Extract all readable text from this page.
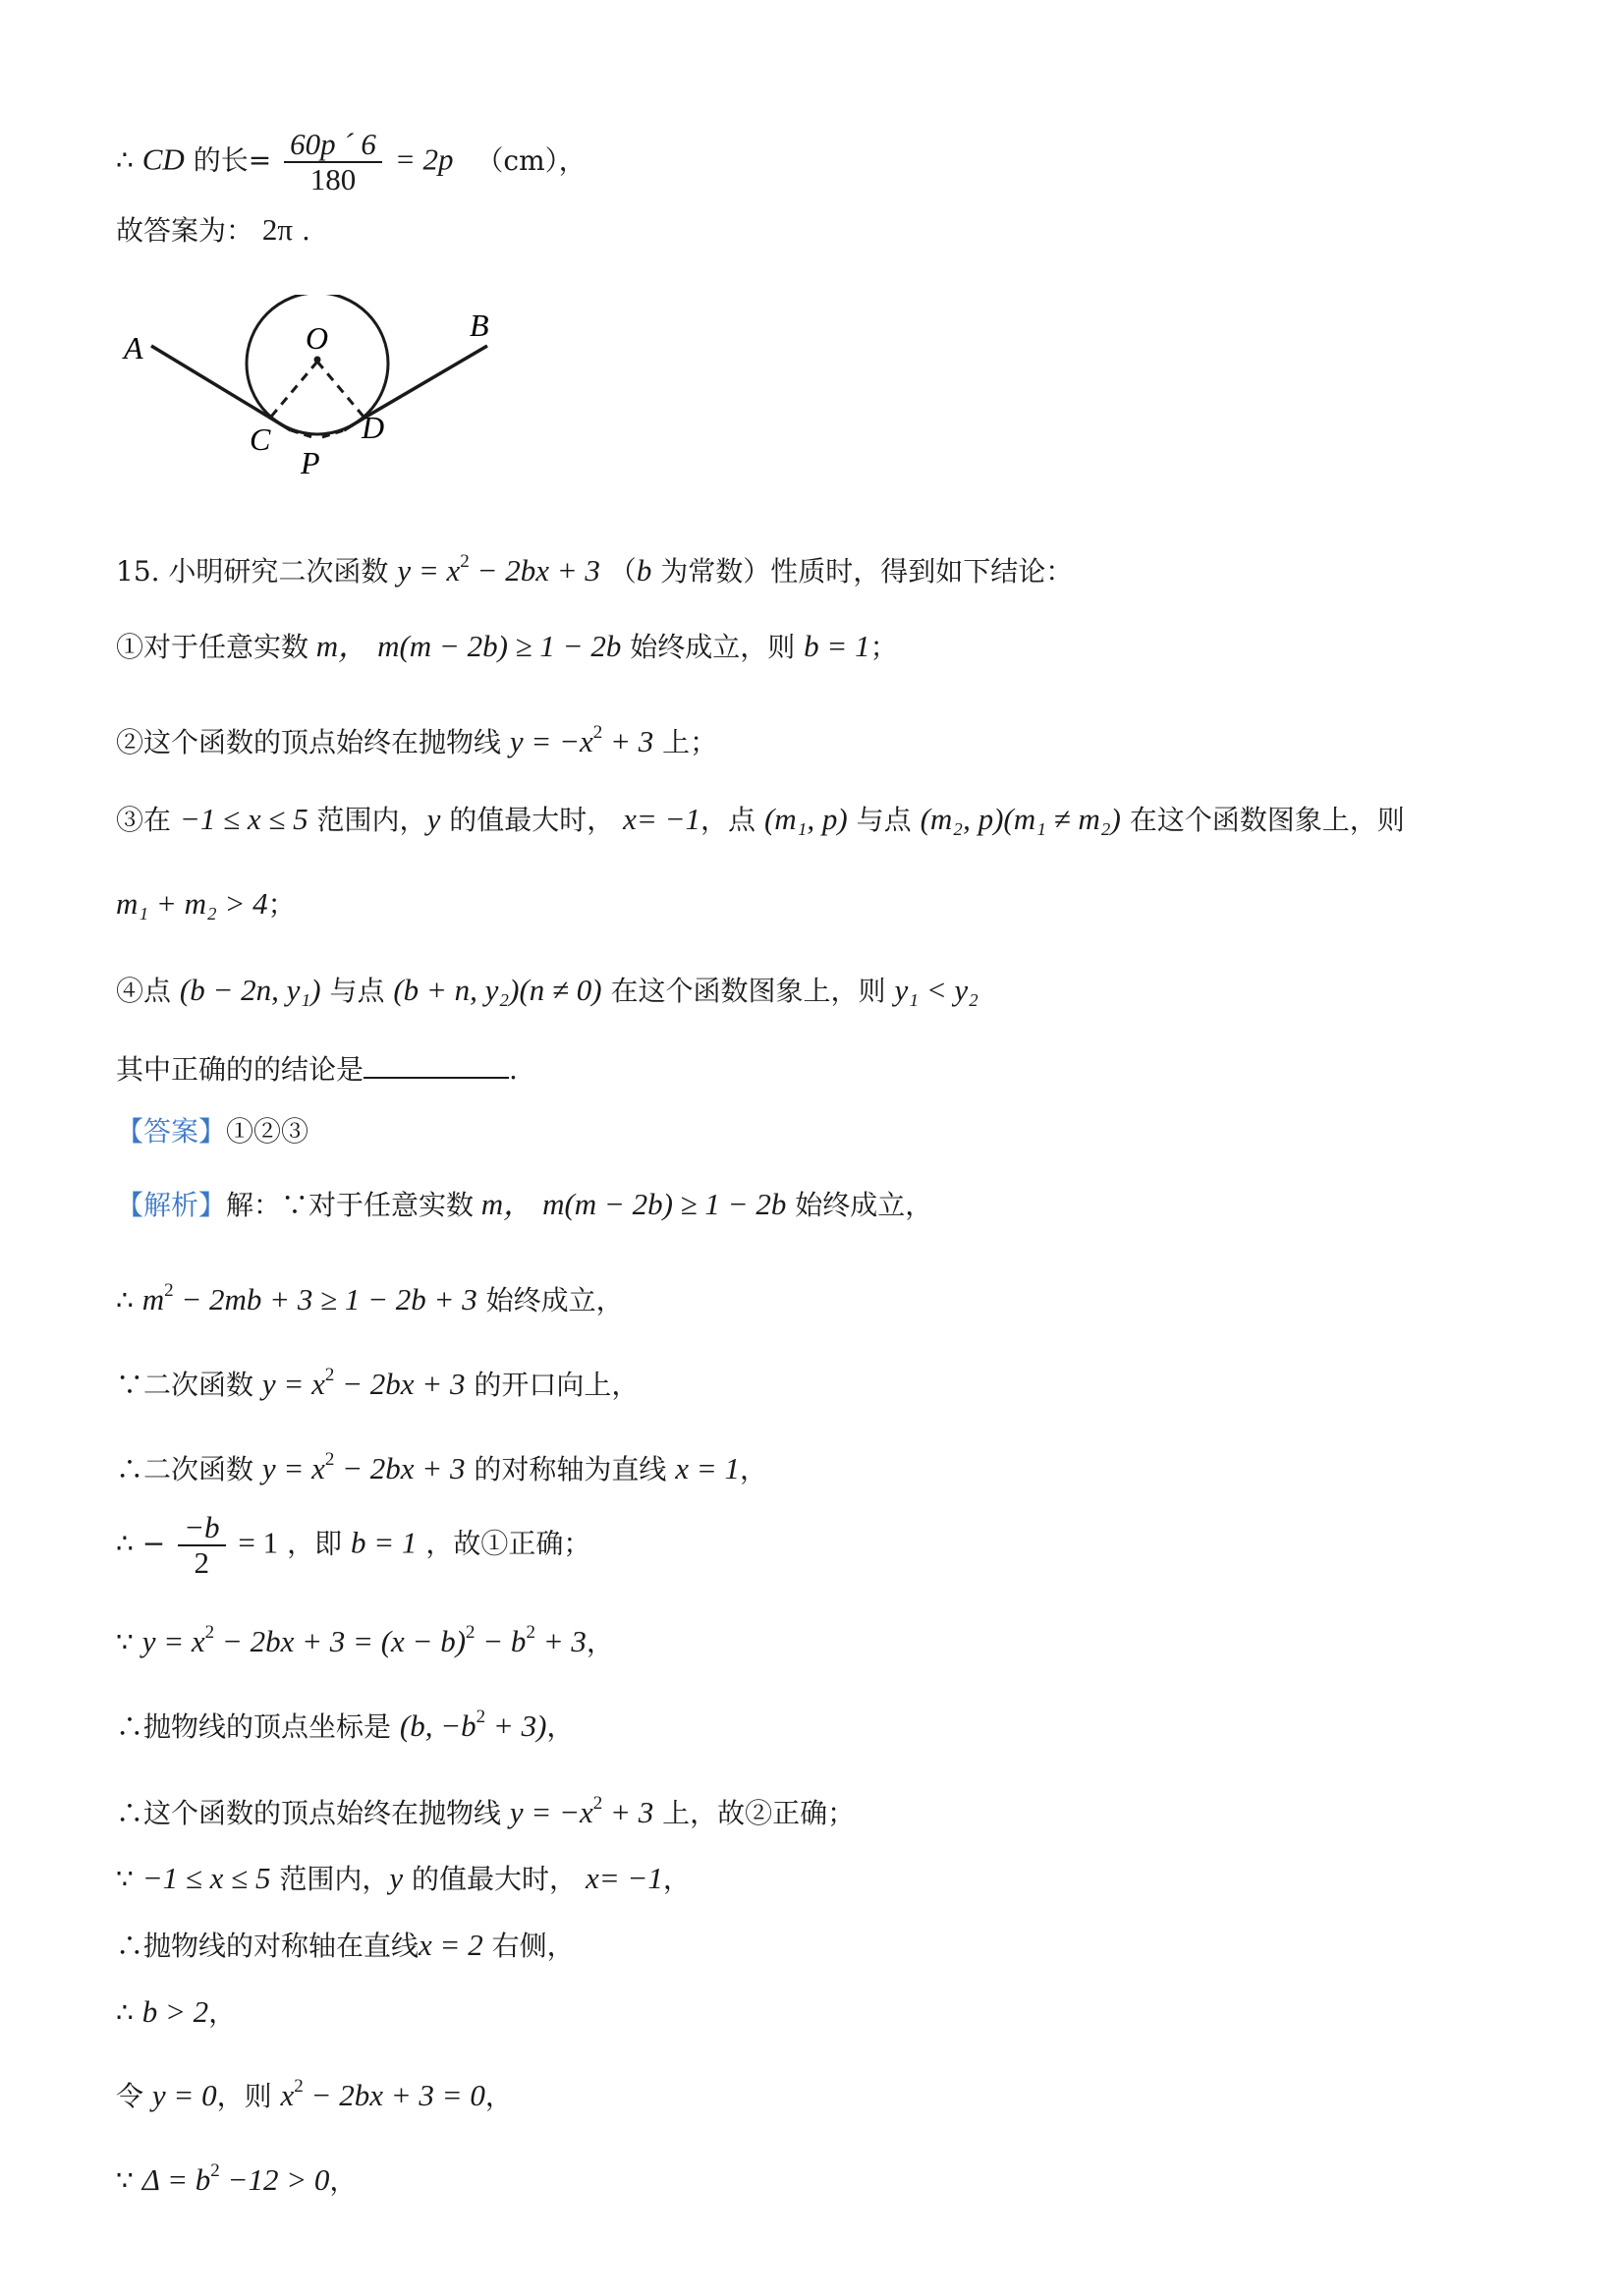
∴ CD 的长= $\frac{60p ´ 6}{180} = 2p$ （cm），
故答案为： 2π .
A
B
O
C	D
P
15. 小明研究二次函数 $y = x^2 - 2bx + 3$ （b 为常数）性质时，得到如下结论：
①对于任意实数 m， m(m − 2b) ≥ 1 − 2b 始终成立，则 b = 1；
②这个函数的顶点始终在抛物线 $y = -x^2 + 3$ 上；
③在 −1 ≤ x ≤ 5 范围内，y 的值最大时， x= −1，点 (m₁, p) 与点 (m₂, p)(m₁ ≠ m₂) 在这个函数图象上，则
m₁ + m₂ > 4；
④点 (b − 2n, y₁) 与点 (b + n, y₂)(n ≠ 0) 在这个函数图象上，则 y₁ < y₂
其中正确的的结论是	.
【答案】①②③
【解析】解：∵对于任意实数 m， m(m − 2b) ≥ 1 − 2b 始终成立，
∴ $m^2 - 2mb + 3 \ge 1 - 2b + 3$ 始终成立，
∵二次函数 $y = x^2 - 2bx + 3$ 的开口向上，
∴二次函数 $y = x^2 - 2bx + 3$ 的对称轴为直线 x = 1，
∴ − $\frac{-b}{2} = 1$ ，即 b = 1 ，故①正确；
∵ $y = x^2 - 2bx + 3 = (x - b)^2 - b^2 + 3$，
∴抛物线的顶点坐标是 (b, $-b^2 + 3$)，
∴这个函数的顶点始终在抛物线 $y = -x^2 + 3$ 上，故②正确；
∵ −1 ≤ x ≤ 5 范围内，y 的值最大时， x= −1，
∴抛物线的对称轴在直线x = 2 右侧，
∴ b > 2，
令 y = 0，则 $x^2 - 2bx + 3 = 0$，
∵ $\Delta = b^2 -12 > 0$，
